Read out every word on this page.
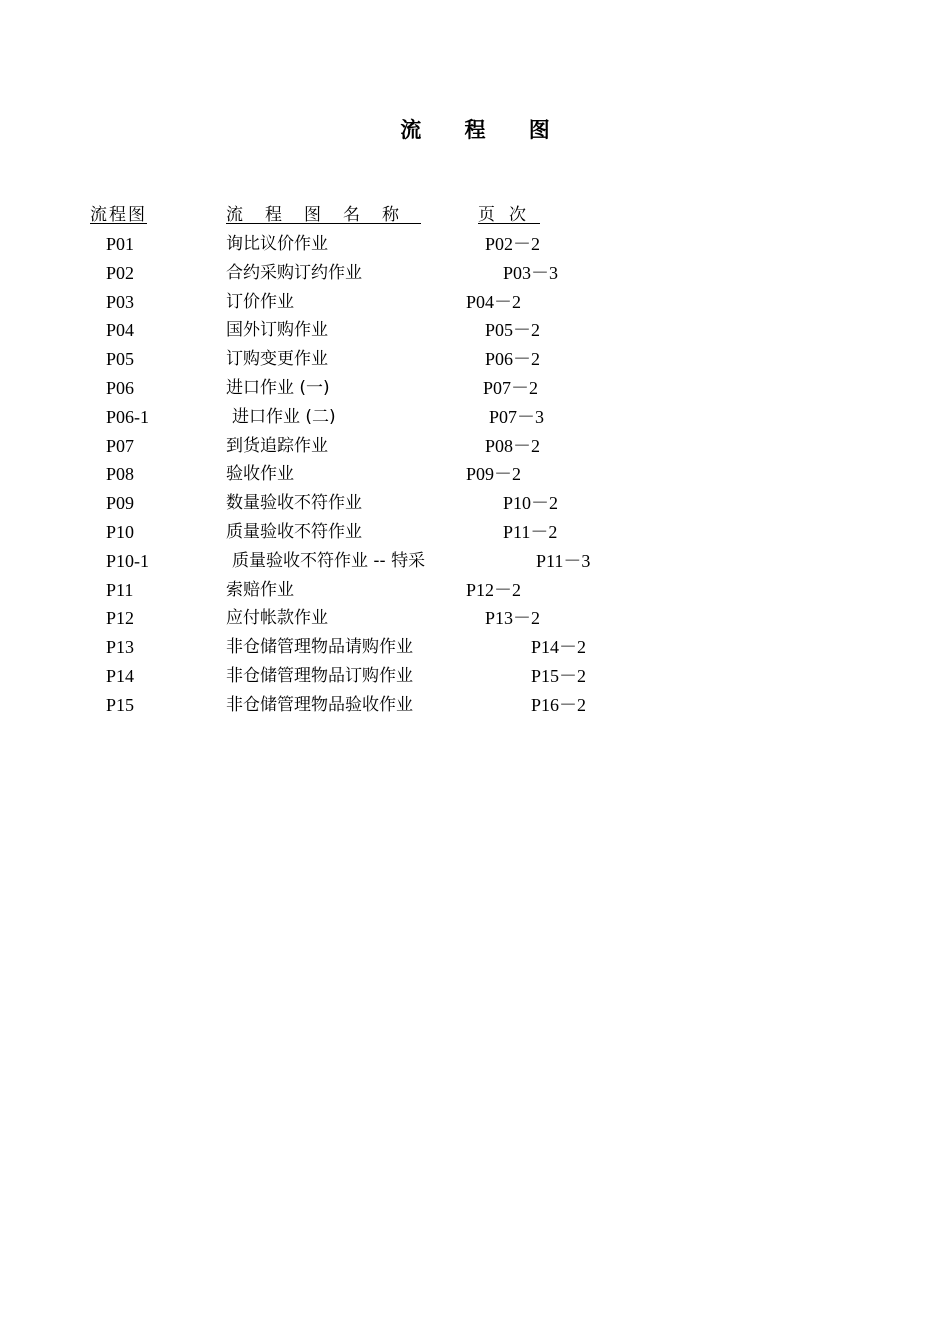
流 程 图
流程图	流程图名称	页次
P01	询比议价作业	P02－2
P02	合约采购订约作业	P03－3
P03	订价作业	P04－2
P04	国外订购作业	P05－2
P05	订购变更作业	P06－2
P06	进口作业 (一)	P07－2
P06-1	进口作业 (二)	P07－3
P07	到货追踪作业	P08－2
P08	验收作业	P09－2
P09	数量验收不符作业	P10－2
P10	质量验收不符作业	P11－2
P10-1	质量验收不符作业 -- 特采	P11－3
P11	索赔作业	P12－2
P12	应付帐款作业	P13－2
P13	非仓储管理物品请购作业	P14－2
P14	非仓储管理物品订购作业	P15－2
P15	非仓储管理物品验收作业	P16－2
